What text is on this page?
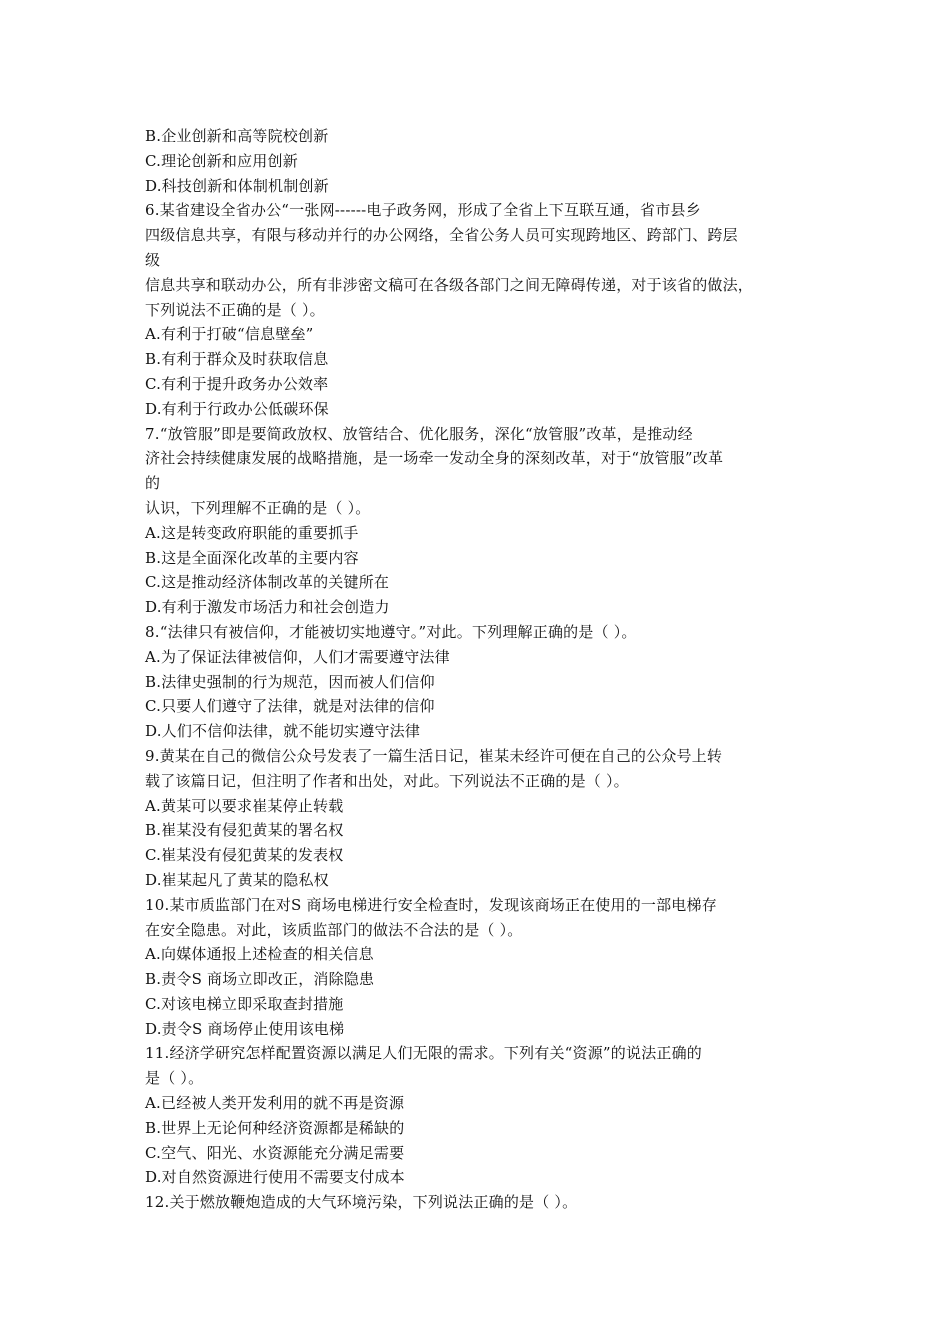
B.企业创新和高等院校创新
C.理论创新和应用创新
D.科技创新和体制机制创新
6.某省建设全省办公“一张网------电子政务网，形成了全省上下互联互通，省市县乡
四级信息共享，有限与移动并行的办公网络，全省公务人员可实现跨地区、跨部门、跨层
级
信息共享和联动办公，所有非涉密文稿可在各级各部门之间无障碍传递，对于该省的做法，
下列说法不正确的是（ ）。
A.有利于打破“信息壁垒”
B.有利于群众及时获取信息
C.有利于提升政务办公效率
D.有利于行政办公低碳环保
7.“放管服”即是要简政放权、放管结合、优化服务，深化“放管服”改革，是推动经
济社会持续健康发展的战略措施，是一场牵一发动全身的深刻改革，对于“放管服”改革
的
认识，下列理解不正确的是（ ）。
A.这是转变政府职能的重要抓手
B.这是全面深化改革的主要内容
C.这是推动经济体制改革的关键所在
D.有利于激发市场活力和社会创造力
8.“法律只有被信仰，才能被切实地遵守。”对此。下列理解正确的是（ ）。
A.为了保证法律被信仰，人们才需要遵守法律
B.法律史强制的行为规范，因而被人们信仰
C.只要人们遵守了法律，就是对法律的信仰
D.人们不信仰法律，就不能切实遵守法律
9.黄某在自己的微信公众号发表了一篇生活日记，崔某未经许可便在自己的公众号上转
载了该篇日记，但注明了作者和出处，对此。下列说法不正确的是（ ）。
A.黄某可以要求崔某停止转载
B.崔某没有侵犯黄某的署名权
C.崔某没有侵犯黄某的发表权
D.崔某起凡了黄某的隐私权
10.某市质监部门在对S 商场电梯进行安全检查时，发现该商场正在使用的一部电梯存
在安全隐患。对此，该质监部门的做法不合法的是（ ）。
A.向媒体通报上述检查的相关信息
B.责令S 商场立即改正，消除隐患
C.对该电梯立即采取查封措施
D.责令S 商场停止使用该电梯
11.经济学研究怎样配置资源以满足人们无限的需求。下列有关“资源”的说法正确的
是（ ）。
A.已经被人类开发利用的就不再是资源
B.世界上无论何种经济资源都是稀缺的
C.空气、阳光、水资源能充分满足需要
D.对自然资源进行使用不需要支付成本
12.关于燃放鞭炮造成的大气环境污染，下列说法正确的是（ ）。
